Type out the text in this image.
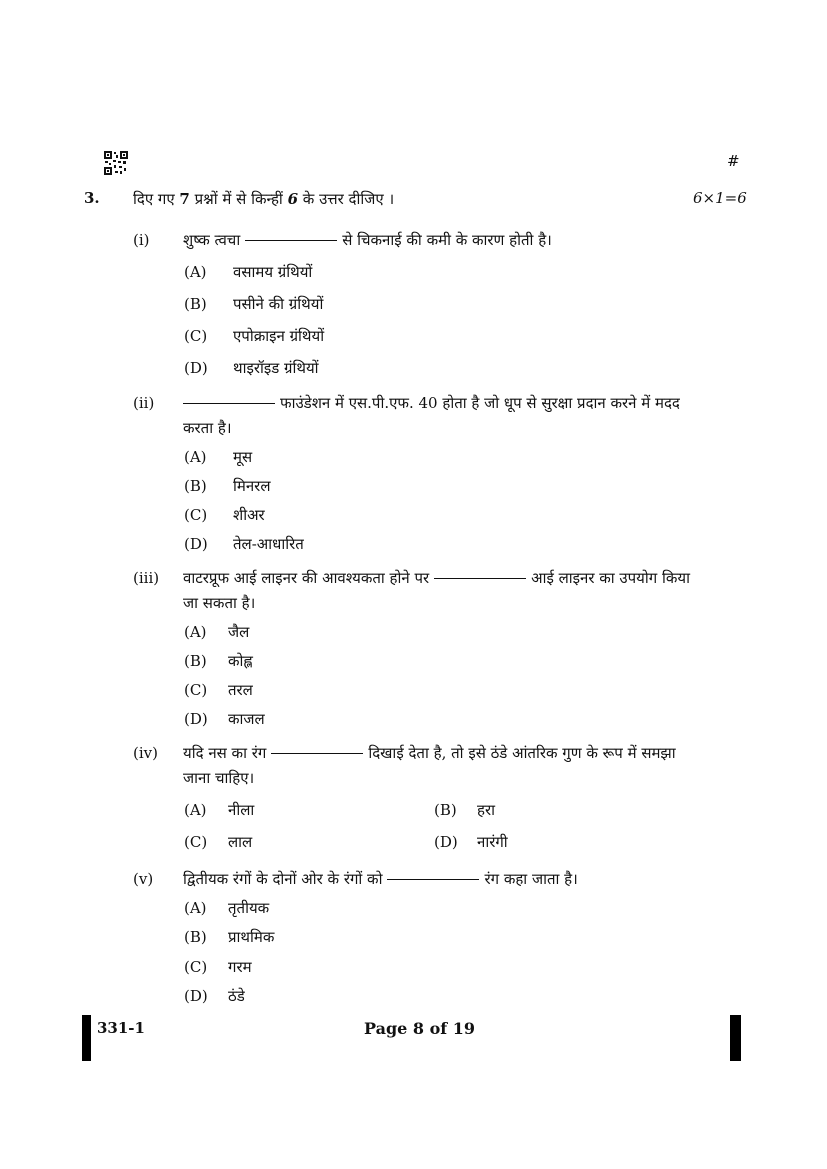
#
3. दिए गए 7 प्रश्नों में से किन्हीं 6 के उत्तर दीजिए ।	6×1=6
(i) शुष्क त्वचा	से चिकनाई की कमी के कारण होती है।
(A) वसामय ग्रंथियों
(B) पसीने की ग्रंथियों
(C) एपोक्राइन ग्रंथियों
(D) थाइरॉइड ग्रंथियों
(ii)	फाउंडेशन में एस.पी.एफ. 40 होता है जो धूप से सुरक्षा प्रदान करने में मदद
करता है।
(A) मूस
(B) मिनरल
(C) शीअर
(D) तेल-आधारित
(iii) वाटरप्रूफ आई लाइनर की आवश्यकता होने पर	आई लाइनर का उपयोग किया
जा सकता है।
(A) जैल
(B) कोह्ल
(C) तरल
(D) काजल
(iv) यदि नस का रंग	दिखाई देता है, तो इसे ठंडे आंतरिक गुण के रूप में समझा
जाना चाहिए।
(A) नीला	(B) हरा
(C) लाल	(D) नारंगी
(v) द्वितीयक रंगों के दोनों ओर के रंगों को	रंग कहा जाता है।
(A) तृतीयक
(B) प्राथमिक
(C) गरम
(D) ठंडे
331-1	Page 8 of 19
